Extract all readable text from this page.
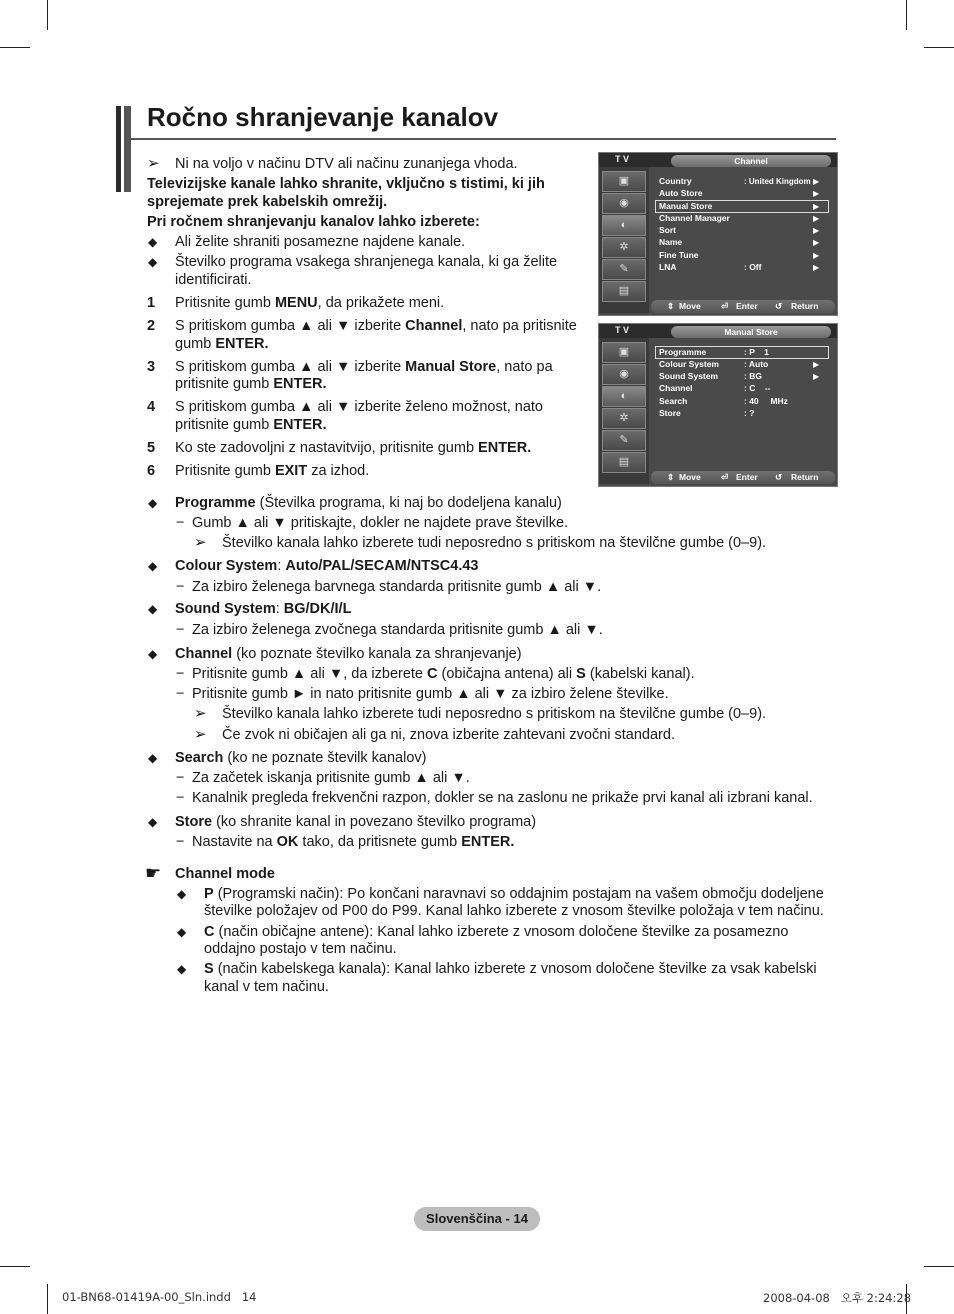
Ročno shranjevanje kanalov
➢ Ni na voljo v načinu DTV ali načinu zunanjega vhoda.
Televizijske kanale lahko shranite, vključno s tistimi, ki jih
sprejemate prek kabelskih omrežij.
Pri ročnem shranjevanju kanalov lahko izberete:
◆ Ali želite shraniti posamezne najdene kanale.
◆ Številko programa vsakega shranjenega kanala, ki ga želite
identificirati.
1 Pritisnite gumb MENU, da prikažete meni.
2 S pritiskom gumba ▲ ali ▼ izberite Channel, nato pa pritisnite
gumb ENTER.
3 S pritiskom gumba ▲ ali ▼ izberite Manual Store, nato pa
pritisnite gumb ENTER.
4 S pritiskom gumba ▲ ali ▼ izberite želeno možnost, nato
pritisnite gumb ENTER.
5 Ko ste zadovoljni z nastavitvijo, pritisnite gumb ENTER.
6 Pritisnite gumb EXIT za izhod.
T V	Channel
▣
◉
◐
✲
✎
▤
Country	: United Kingdom ▶
Auto Store	▶
Manual Store	▶
Channel Manager	▶
Sort	▶
Name	▶
Fine Tune	▶
LNA	: Off	▶
⇕ Move ⏎ Enter ↺ Return
T V	Manual Store
▣
◉
◐
✲
✎
▤
Programme	: P    1
Colour System	: Auto	▶
Sound System	: BG	▶
Channel	: C    --
Search	: 40     MHz
Store	: ?
⇕ Move ⏎ Enter ↺ Return
◆ Programme (Številka programa, ki naj bo dodeljena kanalu)
− Gumb ▲ ali ▼ pritiskajte, dokler ne najdete prave številke.
➢ Številko kanala lahko izberete tudi neposredno s pritiskom na številčne gumbe (0–9).
◆ Colour System: Auto/PAL/SECAM/NTSC4.43
− Za izbiro želenega barvnega standarda pritisnite gumb ▲ ali ▼.
◆ Sound System: BG/DK/I/L
− Za izbiro želenega zvočnega standarda pritisnite gumb ▲ ali ▼.
◆ Channel (ko poznate številko kanala za shranjevanje)
− Pritisnite gumb ▲ ali ▼, da izberete C (običajna antena) ali S (kabelski kanal).
− Pritisnite gumb ► in nato pritisnite gumb ▲ ali ▼ za izbiro želene številke.
➢ Številko kanala lahko izberete tudi neposredno s pritiskom na številčne gumbe (0–9).
➢ Če zvok ni običajen ali ga ni, znova izberite zahtevani zvočni standard.
◆ Search (ko ne poznate številk kanalov)
− Za začetek iskanja pritisnite gumb ▲ ali ▼.
− Kanalnik pregleda frekvenčni razpon, dokler se na zaslonu ne prikaže prvi kanal ali izbrani kanal.
◆ Store (ko shranite kanal in povezano številko programa)
− Nastavite na OK tako, da pritisnete gumb ENTER.
☛ Channel mode
◆ P (Programski način): Po končani naravnavi so oddajnim postajam na vašem območju dodeljene
številke položajev od P00 do P99. Kanal lahko izberete z vnosom številke položaja v tem načinu.
◆ C (način običajne antene): Kanal lahko izberete z vnosom določene številke za posamezno
oddajno postajo v tem načinu.
◆ S (način kabelskega kanala): Kanal lahko izberete z vnosom določene številke za vsak kabelski
kanal v tem načinu.
Slovenščina - 14
01-BN68-01419A-00_Sln.indd   14	2008-04-08   오후 2:24:28
